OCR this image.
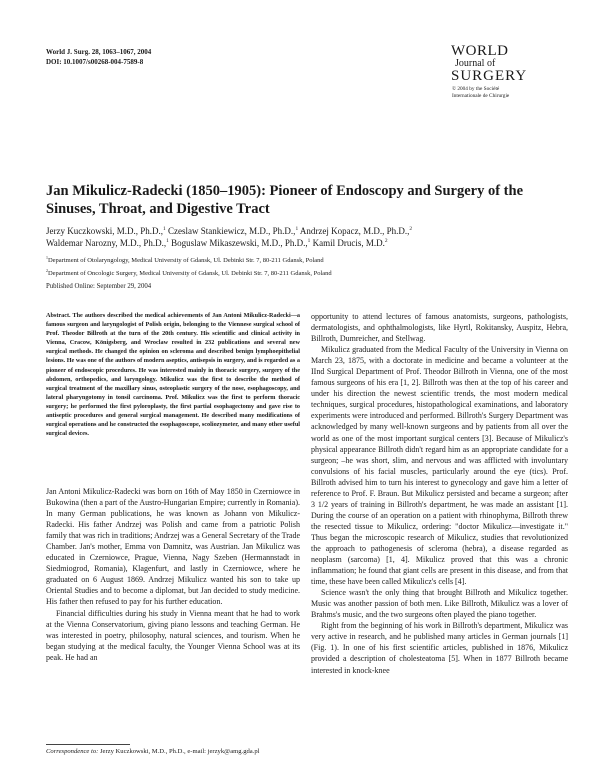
World J. Surg. 28, 1063–1067, 2004
DOI: 10.1007/s00268-004-7589-8
WORLD
Journal of
SURGERY
© 2004 by the Société
Internationale de Chirurgie
Jan Mikulicz-Radecki (1850–1905): Pioneer of Endoscopy and Surgery of the Sinuses, Throat, and Digestive Tract
Jerzy Kuczkowski, M.D., Ph.D.,$^1$ Czeslaw Stankiewicz, M.D., Ph.D.,$^1$ Andrzej Kopacz, M.D., Ph.D.,$^2$
Waldemar Narozny, M.D., Ph.D.,$^1$ Boguslaw Mikaszewski, M.D., Ph.D.,$^1$ Kamil Drucis, M.D.$^2$
$^1$Department of Otolaryngology, Medical University of Gdansk, Ul. Debinki Str. 7, 80-211 Gdansk, Poland
$^2$Department of Oncologic Surgery, Medical University of Gdansk, Ul. Debinki Str. 7, 80-211 Gdansk, Poland
Published Online: September 29, 2004
Abstract. The authors described the medical achievements of Jan Antoni Mikulicz-Radecki—a famous surgeon and laryngologist of Polish origin, belonging to the Viennese surgical school of Prof. Theodor Billroth at the turn of the 20th century. His scientific and clinical activity in Vienna, Cracow, Königsberg, and Wroclaw resulted in 232 publications and several new surgical methods. He changed the opinion on scleroma and described benign lymphoepithelial lesions. He was one of the authors of modern aseptics, antisepsis in surgery, and is regarded as a pioneer of endoscopic procedures. He was interested mainly in thoracic surgery, surgery of the abdomen, orthopedics, and laryngology. Mikulicz was the first to describe the method of surgical treatment of the maxillary sinus, osteoplastic surgery of the nose, esophagoscopy, and lateral pharyngotomy in tonsil carcinoma. Prof. Mikulicz was the first to perform thoracic surgery; he performed the first pyloroplasty, the first partial esophagectomy and gave rise to antiseptic procedures and general surgical management. He described many modifications of surgical operations and he constructed the esophagoscope, scoliozymeter, and many other useful surgical devices.

Jan Antoni Mikulicz-Radecki was born on 16th of May 1850 in Czerniowce in Bukowina (then a part of the Austro-Hungarian Empire; currently in Romania). In many German publications, he was known as Johann von Mikulicz-Radecki. His father Andrzej was Polish and came from a patriotic Polish family that was rich in traditions; Andrzej was a General Secretary of the Trade Chamber. Jan's mother, Emma von Damnitz, was Austrian. Jan Mikulicz was educated in Czerniowce, Prague, Vienna, Nagy Szeben (Hermannstadt in Siedmiogrod, Romania), Klagenfurt, and lastly in Czerniowce, where he graduated on 6 August 1869. Andrzej Mikulicz wanted his son to take up Oriental Studies and to become a diplomat, but Jan decided to study medicine. His father then refused to pay for his further education.

Financial difficulties during his study in Vienna meant that he had to work at the Vienna Conservatorium, giving piano lessons and teaching German. He was interested in poetry, philosophy, natural sciences, and tourism. When he began studying at the medical faculty, the Younger Vienna School was at its peak. He had an

opportunity to attend lectures of famous anatomists, surgeons, pathologists, dermatologists, and ophthalmologists, like Hyrtl, Rokitansky, Auspitz, Hebra, Billroth, Dumreicher, and Stellwag.

Mikulicz graduated from the Medical Faculty of the University in Vienna on March 23, 1875, with a doctorate in medicine and became a volunteer at the IInd Surgical Department of Prof. Theodor Billroth in Vienna, one of the most famous surgeons of his era [1, 2]. Billroth was then at the top of his career and under his direction the newest scientific trends, the most modern medical techniques, surgical procedures, histopathological examinations, and laboratory experiments were introduced and performed. Billroth's Surgery Department was acknowledged by many well-known surgeons and by patients from all over the world as one of the most important surgical centers [3]. Because of Mikulicz's physical appearance Billroth didn't regard him as an appropriate candidate for a surgeon; –he was short, slim, and nervous and was afflicted with involuntary convulsions of his facial muscles, particularly around the eye (tics). Prof. Billroth advised him to turn his interest to gynecology and gave him a letter of reference to Prof. F. Braun. But Mikulicz persisted and became a surgeon; after 3 1/2 years of training in Billroth's department, he was made an assistant [1]. During the course of an operation on a patient with rhinophyma, Billroth threw the resected tissue to Mikulicz, ordering: "doctor Mikulicz—investigate it." Thus began the microscopic research of Mikulicz, studies that revolutionized the approach to pathogenesis of scleroma (hebra), a disease regarded as neoplasm (sarcoma) [1, 4]. Mikulicz proved that this was a chronic inflammation; he found that giant cells are present in this disease, and from that time, these have been called Mikulicz's cells [4].

Science wasn't the only thing that brought Billroth and Mikulicz together. Music was another passion of both men. Like Billroth, Mikulicz was a lover of Brahms's music, and the two surgeons often played the piano together.

Right from the beginning of his work in Billroth's department, Mikulicz was very active in research, and he published many articles in German journals [1] (Fig. 1). In one of his first scientific articles, published in 1876, Mikulicz provided a description of cholesteatoma [5]. When in 1877 Billroth became interested in knock-knee

Correspondence to: Jerzy Kuczkowski, M.D., Ph.D., e-mail: jerzyk@amg.gda.pl
